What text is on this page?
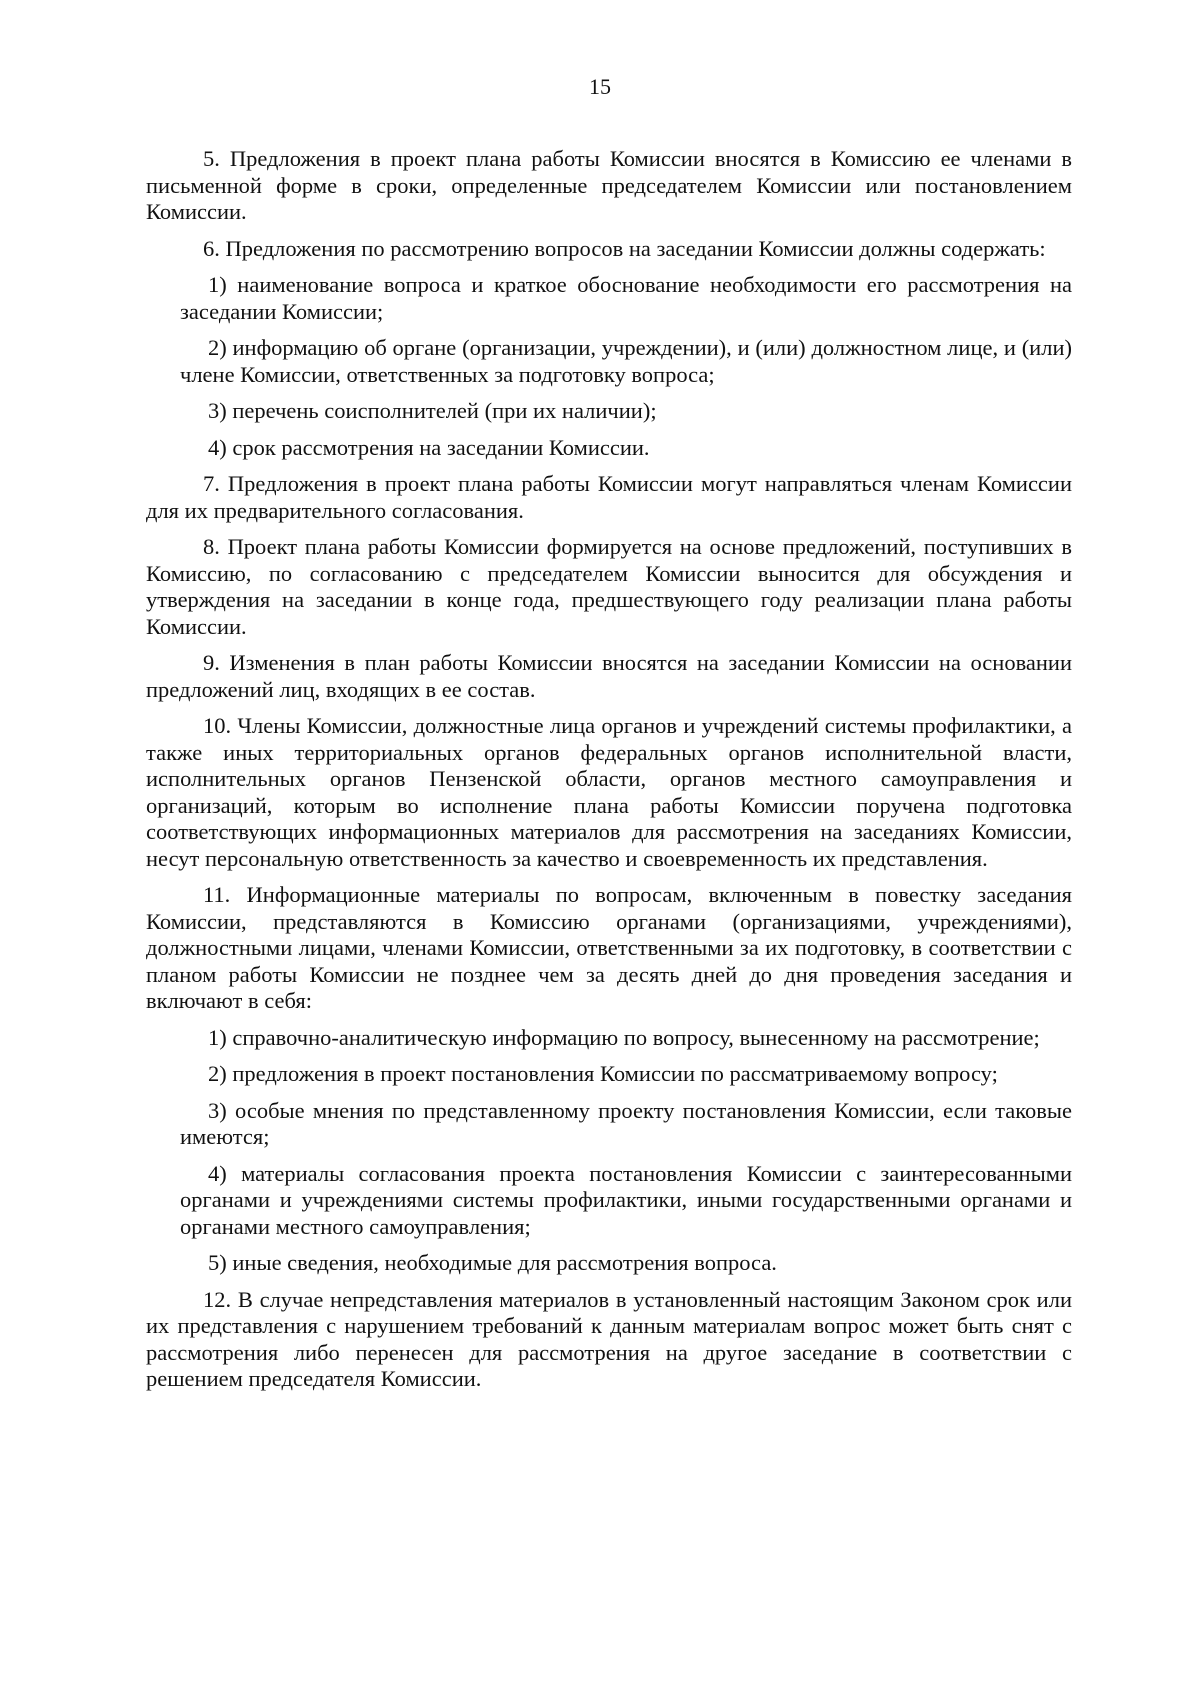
15

5. Предложения в проект плана работы Комиссии вносятся в Комиссию ее членами в письменной форме в сроки, определенные председателем Комиссии или постановлением Комиссии.

6. Предложения по рассмотрению вопросов на заседании Комиссии должны содержать:

1) наименование вопроса и краткое обоснование необходимости его рассмотрения на заседании Комиссии;

2) информацию об органе (организации, учреждении), и (или) должностном лице, и (или) члене Комиссии, ответственных за подготовку вопроса;

3) перечень соисполнителей (при их наличии);

4) срок рассмотрения на заседании Комиссии.

7. Предложения в проект плана работы Комиссии могут направляться членам Комиссии для их предварительного согласования.

8. Проект плана работы Комиссии формируется на основе предложений, поступивших в Комиссию, по согласованию с председателем Комиссии выносится для обсуждения и утверждения на заседании в конце года, предшествующего году реализации плана работы Комиссии.

9. Изменения в план работы Комиссии вносятся на заседании Комиссии на основании предложений лиц, входящих в ее состав.

10. Члены Комиссии, должностные лица органов и учреждений системы профилактики, а также иных территориальных органов федеральных органов исполнительной власти, исполнительных органов Пензенской области, органов местного самоуправления и организаций, которым во исполнение плана работы Комиссии поручена подготовка соответствующих информационных материалов для рассмотрения на заседаниях Комиссии, несут персональную ответственность за качество и своевременность их представления.

11. Информационные материалы по вопросам, включенным в повестку заседания Комиссии, представляются в Комиссию органами (организациями, учреждениями), должностными лицами, членами Комиссии, ответственными за их подготовку, в соответствии с планом работы Комиссии не позднее чем за десять дней до дня проведения заседания и включают в себя:

1) справочно-аналитическую информацию по вопросу, вынесенному на рассмотрение;

2) предложения в проект постановления Комиссии по рассматриваемому вопросу;

3) особые мнения по представленному проекту постановления Комиссии, если таковые имеются;

4) материалы согласования проекта постановления Комиссии с заинтересованными органами и учреждениями системы профилактики, иными государственными органами и органами местного самоуправления;

5) иные сведения, необходимые для рассмотрения вопроса.

12. В случае непредставления материалов в установленный настоящим Законом срок или их представления с нарушением требований к данным материалам вопрос может быть снят с рассмотрения либо перенесен для рассмотрения на другое заседание в соответствии с решением председателя Комиссии.
